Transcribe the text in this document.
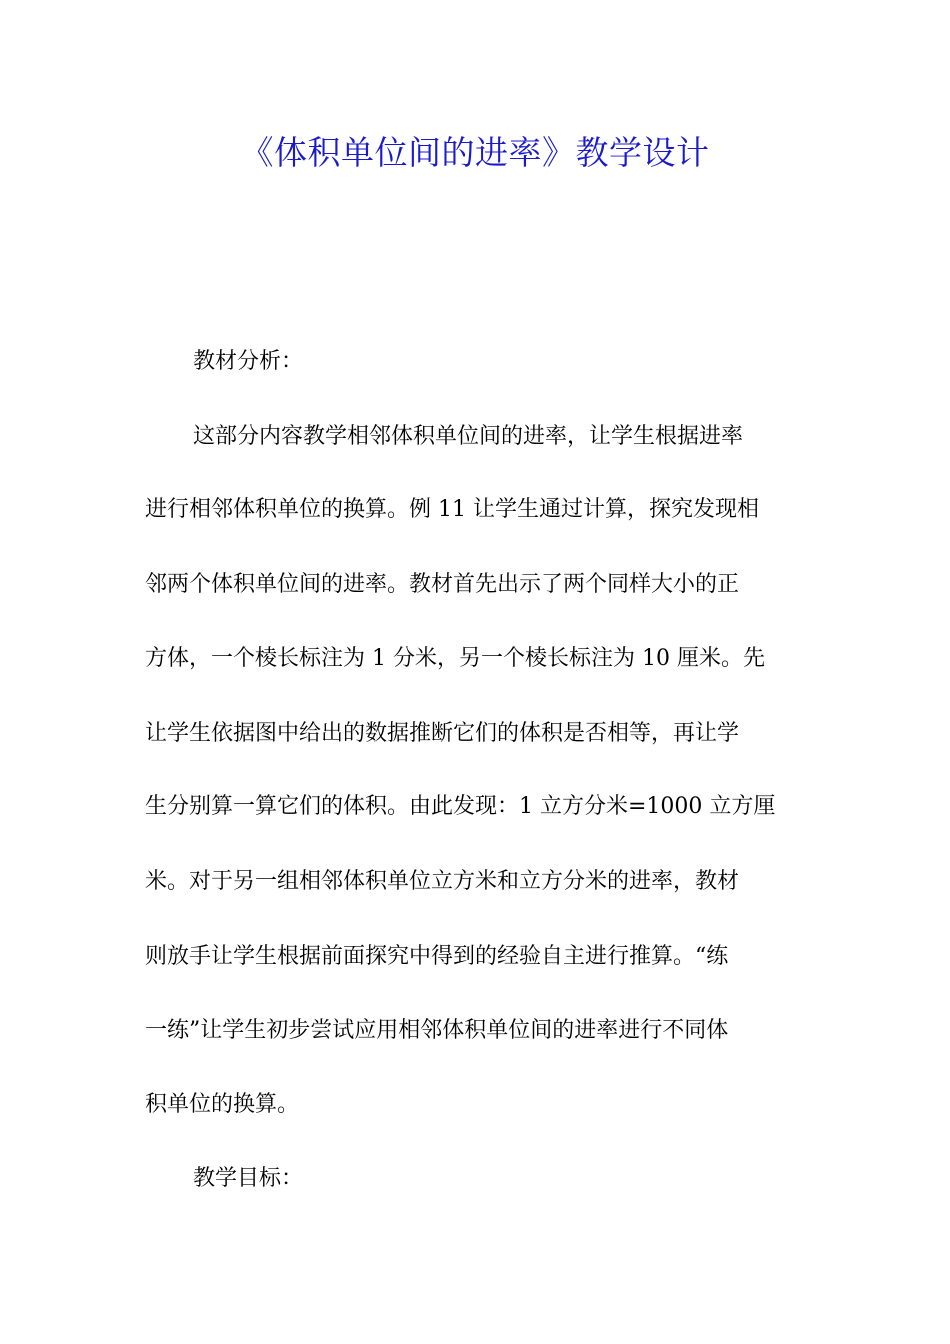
《体积单位间的进率》教学设计
教材分析：
这部分内容教学相邻体积单位间的进率，让学生根据进率
进行相邻体积单位的换算。例 11 让学生通过计算，探究发现相
邻两个体积单位间的进率。教材首先出示了两个同样大小的正
方体，一个棱长标注为 1 分米，另一个棱长标注为 10 厘米。先
让学生依据图中给出的数据推断它们的体积是否相等，再让学
生分别算一算它们的体积。由此发现：1 立方分米=1000 立方厘
米。对于另一组相邻体积单位立方米和立方分米的进率，教材
则放手让学生根据前面探究中得到的经验自主进行推算。“练
一练”让学生初步尝试应用相邻体积单位间的进率进行不同体
积单位的换算。
教学目标：
